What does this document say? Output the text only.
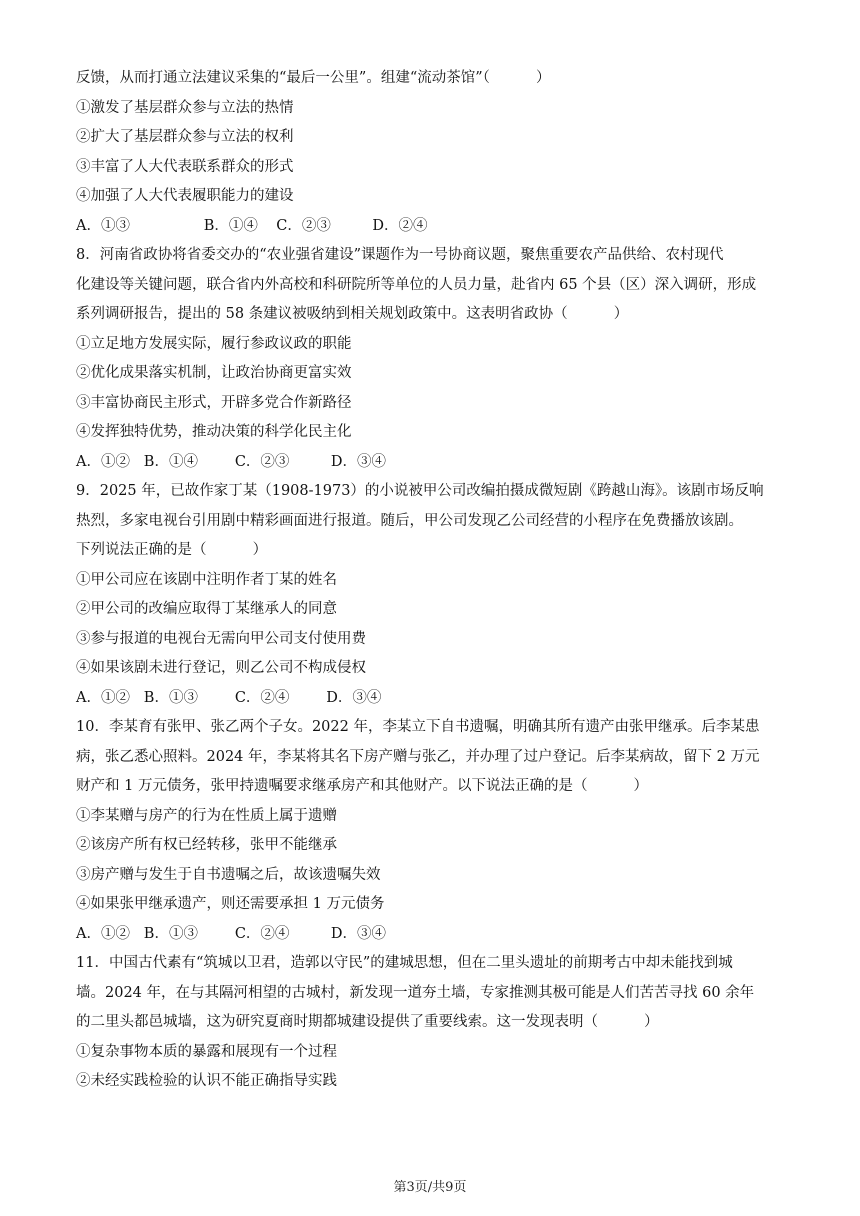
反馈，从而打通立法建议采集的“最后一公里”。组建“流动茶馆”（          ）

①激发了基层群众参与立法的热情

②扩大了基层群众参与立法的权利

③丰富了人大代表联系群众的形式

④加强了人大代表履职能力的建设

A．①③                B．①④    C．②③         D．②④

8．河南省政协将省委交办的“农业强省建设”课题作为一号协商议题，聚焦重要农产品供给、农村现代

化建设等关键问题，联合省内外高校和科研院所等单位的人员力量，赴省内 65 个县（区）深入调研，形成

系列调研报告，提出的 58 条建议被吸纳到相关规划政策中。这表明省政协（          ）

①立足地方发展实际，履行参政议政的职能

②优化成果落实机制，让政治协商更富实效

③丰富协商民主形式，开辟多党合作新路径

④发挥独特优势，推动决策的科学化民主化

A．①②   B．①④        C．②③         D．③④

9．2025 年，已故作家丁某（1908-1973）的小说被甲公司改编拍摄成微短剧《跨越山海》。该剧市场反响

热烈，多家电视台引用剧中精彩画面进行报道。随后，甲公司发现乙公司经营的小程序在免费播放该剧。

下列说法正确的是（          ）

①甲公司应在该剧中注明作者丁某的姓名

②甲公司的改编应取得丁某继承人的同意

③参与报道的电视台无需向甲公司支付使用费

④如果该剧未进行登记，则乙公司不构成侵权

A．①②   B．①③        C．②④        D．③④

10．李某育有张甲、张乙两个子女。2022 年，李某立下自书遗嘱，明确其所有遗产由张甲继承。后李某患

病，张乙悉心照料。2024 年，李某将其名下房产赠与张乙，并办理了过户登记。后李某病故，留下 2 万元

财产和 1 万元债务，张甲持遗嘱要求继承房产和其他财产。以下说法正确的是（          ）

①李某赠与房产的行为在性质上属于遗赠

②该房产所有权已经转移，张甲不能继承

③房产赠与发生于自书遗嘱之后，故该遗嘱失效

④如果张甲继承遗产，则还需要承担 1 万元债务

A．①②   B．①③        C．②④         D．③④

11．中国古代素有“筑城以卫君，造郭以守民”的建城思想，但在二里头遗址的前期考古中却未能找到城

墙。2024 年，在与其隔河相望的古城村，新发现一道夯土墙，专家推测其极可能是人们苦苦寻找 60 余年

的二里头都邑城墙，这为研究夏商时期都城建设提供了重要线索。这一发现表明（          ）

①复杂事物本质的暴露和展现有一个过程

②未经实践检验的认识不能正确指导实践

第3页/共9页
